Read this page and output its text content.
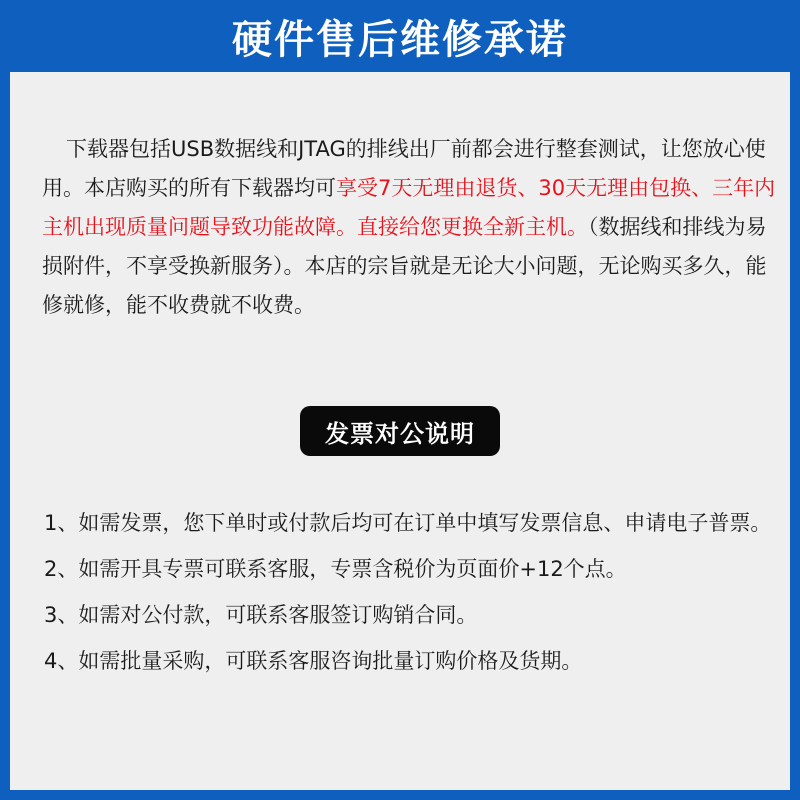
硬件售后维修承诺
下载器包括USB数据线和JTAG的排线出厂前都会进行整套测试，让您放心使用。本店购买的所有下载器均可享受7天无理由退货、30天无理由包换、三年内主机出现质量问题导致功能故障。直接给您更换全新主机。（数据线和排线为易损附件，不享受换新服务）。本店的宗旨就是无论大小问题，无论购买多久，能修就修，能不收费就不收费。
发票对公说明
1、如需发票，您下单时或付款后均可在订单中填写发票信息、申请电子普票。
2、如需开具专票可联系客服，专票含税价为页面价+12个点。
3、如需对公付款，可联系客服签订购销合同。
4、如需批量采购，可联系客服咨询批量订购价格及货期。
